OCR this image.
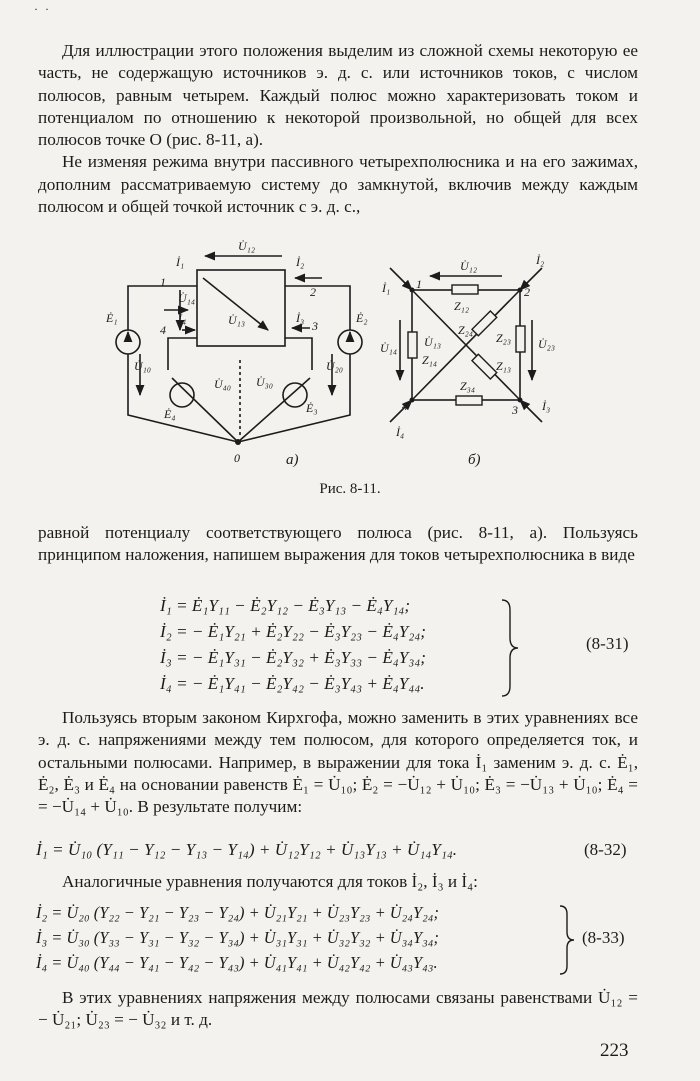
· ·

Для иллюстрации этого положения выделим из сложной схемы некоторую ее часть, не содержащую источников э. д. с. или источников токов, с числом полюсов, равным четырем. Каждый полюс можно характеризовать током и потенциалом по отношению к некоторой произвольной, но общей для всех полюсов точке O (рис. 8-11, a).

Не изменяя режима внутри пассивного четырехполюсника и на его зажимах, дополним рассматриваемую систему до замкнутой, включив между каждым полюсом и общей точкой источник с э. д. с.,

U̇₁₂
İ₁	İ₂
1
2
U̇₁₄
İ₄
4
U̇₁₃	İ₃
3
Ė₁	Ė₂
U̇₁₀	U̇₂₀
U̇₄₀ U̇₃₀
Ė₄	Ė₃
0
U̇₁₂
İ₁
İ₂
1
2
Z₁₂
Z₂₄
Z₂₃
U̇₁₃
U̇₁₄
Z₁₄	Z₁₃
U̇₂₃
Z₃₄
4	3
İ₄
İ₃
a)	б)
Рис. 8-11.

равной потенциалу соответствующего полюса (рис. 8-11, a). Пользуясь принципом наложения, напишем выражения для токов четырехполюсника в виде

İ₁ = Ė₁Y₁₁ − Ė₂Y₁₂ − Ė₃Y₁₃ − Ė₄Y₁₄;
İ₂ = − Ė₁Y₂₁ + Ė₂Y₂₂ − Ė₃Y₂₃ − Ė₄Y₂₄;
İ₃ = − Ė₁Y₃₁ − Ė₂Y₃₂ + Ė₃Y₃₃ − Ė₄Y₃₄;
İ₄ = − Ė₁Y₄₁ − Ė₂Y₄₂ − Ė₃Y₄₃ + Ė₄Y₄₄.
(8-31)

Пользуясь вторым законом Кирхгофа, можно заменить в этих уравнениях все э. д. с. напряжениями между тем полюсом, для которого определяется ток, и остальными полюсами. Например, в выражении для тока İ₁ заменим э. д. с. Ė₁, Ė₂, Ė₃ и Ė₄ на основании равенств Ė₁ = U̇₁₀; Ė₂ = −U̇₁₂ + U̇₁₀; Ė₃ = −U̇₁₃ + U̇₁₀; Ė₄ = = −U̇₁₄ + U̇₁₀. В результате получим:

İ₁ = U̇₁₀ (Y₁₁ − Y₁₂ − Y₁₃ − Y₁₄) + U̇₁₂Y₁₂ + U̇₁₃Y₁₃ + U̇₁₄Y₁₄.	(8-32)

Аналогичные уравнения получаются для токов İ₂, İ₃ и İ₄:

İ₂ = U̇₂₀ (Y₂₂ − Y₂₁ − Y₂₃ − Y₂₄) + U̇₂₁Y₂₁ + U̇₂₃Y₂₃ + U̇₂₄Y₂₄;
İ₃ = U̇₃₀ (Y₃₃ − Y₃₁ − Y₃₂ − Y₃₄) + U̇₃₁Y₃₁ + U̇₃₂Y₃₂ + U̇₃₄Y₃₄;
İ₄ = U̇₄₀ (Y₄₄ − Y₄₁ − Y₄₂ − Y₄₃) + U̇₄₁Y₄₁ + U̇₄₂Y₄₂ + U̇₄₃Y₄₃.
(8-33)

В этих уравнениях напряжения между полюсами связаны равенствами U̇₁₂ = − U̇₂₁; U̇₂₃ = − U̇₃₂ и т. д.

223
